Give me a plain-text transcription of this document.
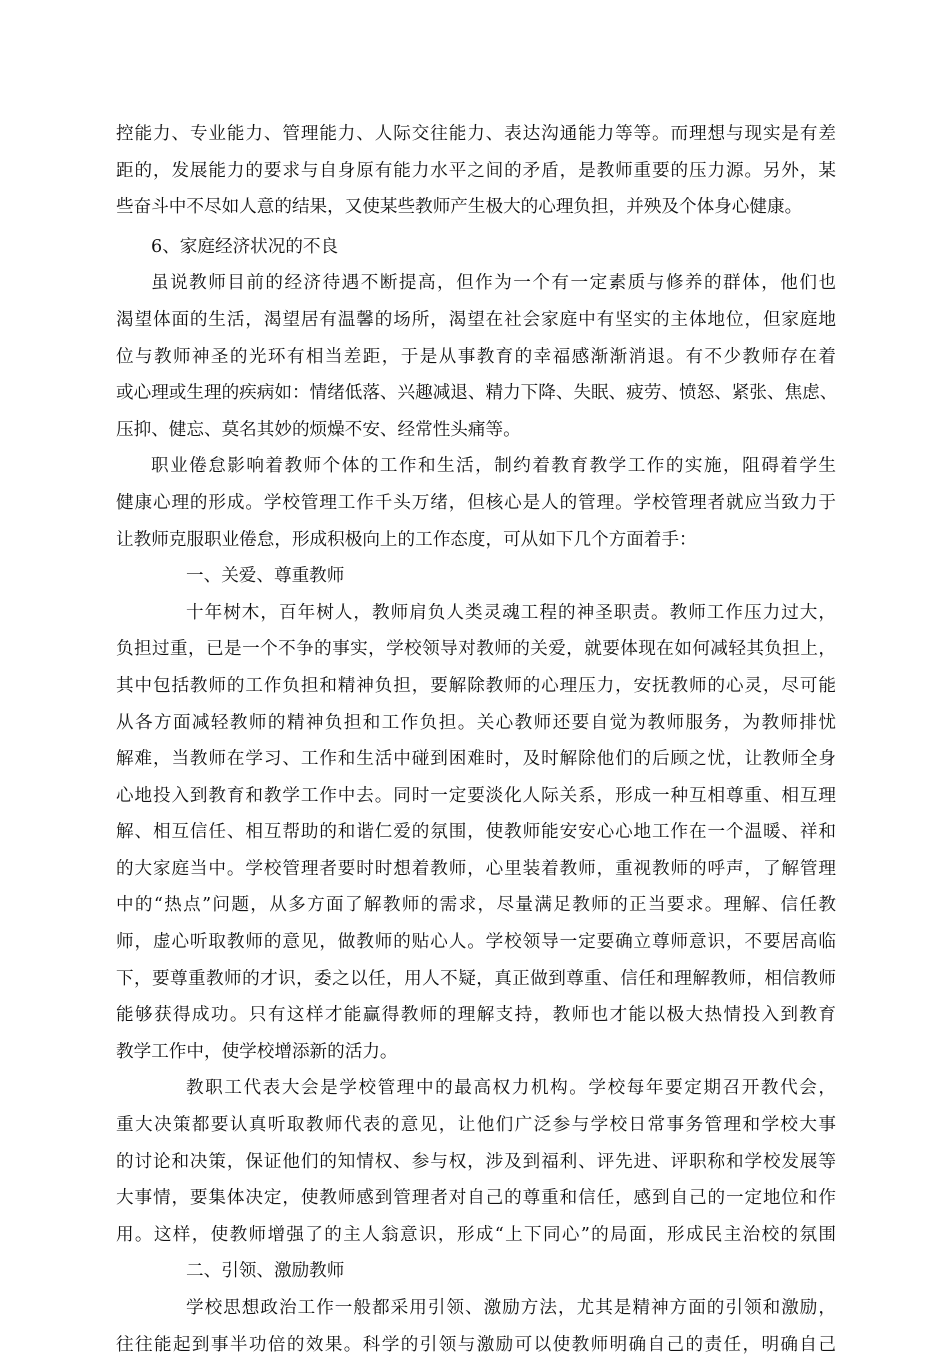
控能力、专业能力、管理能力、人际交往能力、表达沟通能力等等。而理想与现实是有差
距的，发展能力的要求与自身原有能力水平之间的矛盾，是教师重要的压力源。另外，某
些奋斗中不尽如人意的结果，又使某些教师产生极大的心理负担，并殃及个体身心健康。
6、家庭经济状况的不良
虽说教师目前的经济待遇不断提高，但作为一个有一定素质与修养的群体，他们也
渴望体面的生活，渴望居有温馨的场所，渴望在社会家庭中有坚实的主体地位，但家庭地
位与教师神圣的光环有相当差距，于是从事教育的幸福感渐渐消退。有不少教师存在着
或心理或生理的疾病如：情绪低落、兴趣减退、精力下降、失眠、疲劳、愤怒、紧张、焦虑、
压抑、健忘、莫名其妙的烦燥不安、经常性头痛等。
职业倦怠影响着教师个体的工作和生活，制约着教育教学工作的实施，阻碍着学生
健康心理的形成。学校管理工作千头万绪，但核心是人的管理。学校管理者就应当致力于
让教师克服职业倦怠，形成积极向上的工作态度，可从如下几个方面着手：
一、关爱、尊重教师
十年树木，百年树人，教师肩负人类灵魂工程的神圣职责。教师工作压力过大，
负担过重，已是一个不争的事实，学校领导对教师的关爱，就要体现在如何减轻其负担上，
其中包括教师的工作负担和精神负担，要解除教师的心理压力，安抚教师的心灵，尽可能
从各方面减轻教师的精神负担和工作负担。关心教师还要自觉为教师服务，为教师排忧
解难，当教师在学习、工作和生活中碰到困难时，及时解除他们的后顾之忧，让教师全身
心地投入到教育和教学工作中去。同时一定要淡化人际关系，形成一种互相尊重、相互理
解、相互信任、相互帮助的和谐仁爱的氛围，使教师能安安心心地工作在一个温暖、祥和
的大家庭当中。学校管理者要时时想着教师，心里装着教师，重视教师的呼声，了解管理
中的“热点”问题，从多方面了解教师的需求，尽量满足教师的正当要求。理解、信任教
师，虚心听取教师的意见，做教师的贴心人。学校领导一定要确立尊师意识，不要居高临
下，要尊重教师的才识，委之以任，用人不疑，真正做到尊重、信任和理解教师，相信教师
能够获得成功。只有这样才能赢得教师的理解支持，教师也才能以极大热情投入到教育
教学工作中，使学校增添新的活力。
教职工代表大会是学校管理中的最高权力机构。学校每年要定期召开教代会，
重大决策都要认真听取教师代表的意见，让他们广泛参与学校日常事务管理和学校大事
的讨论和决策，保证他们的知情权、参与权，涉及到福利、评先进、评职称和学校发展等
大事情，要集体决定，使教师感到管理者对自己的尊重和信任，感到自己的一定地位和作
用。这样，使教师增强了的主人翁意识，形成“上下同心”的局面，形成民主治校的氛围
二、引领、激励教师
学校思想政治工作一般都采用引领、激励方法，尤其是精神方面的引领和激励，
往往能起到事半功倍的效果。科学的引领与激励可以使教师明确自己的责任，明确自己
